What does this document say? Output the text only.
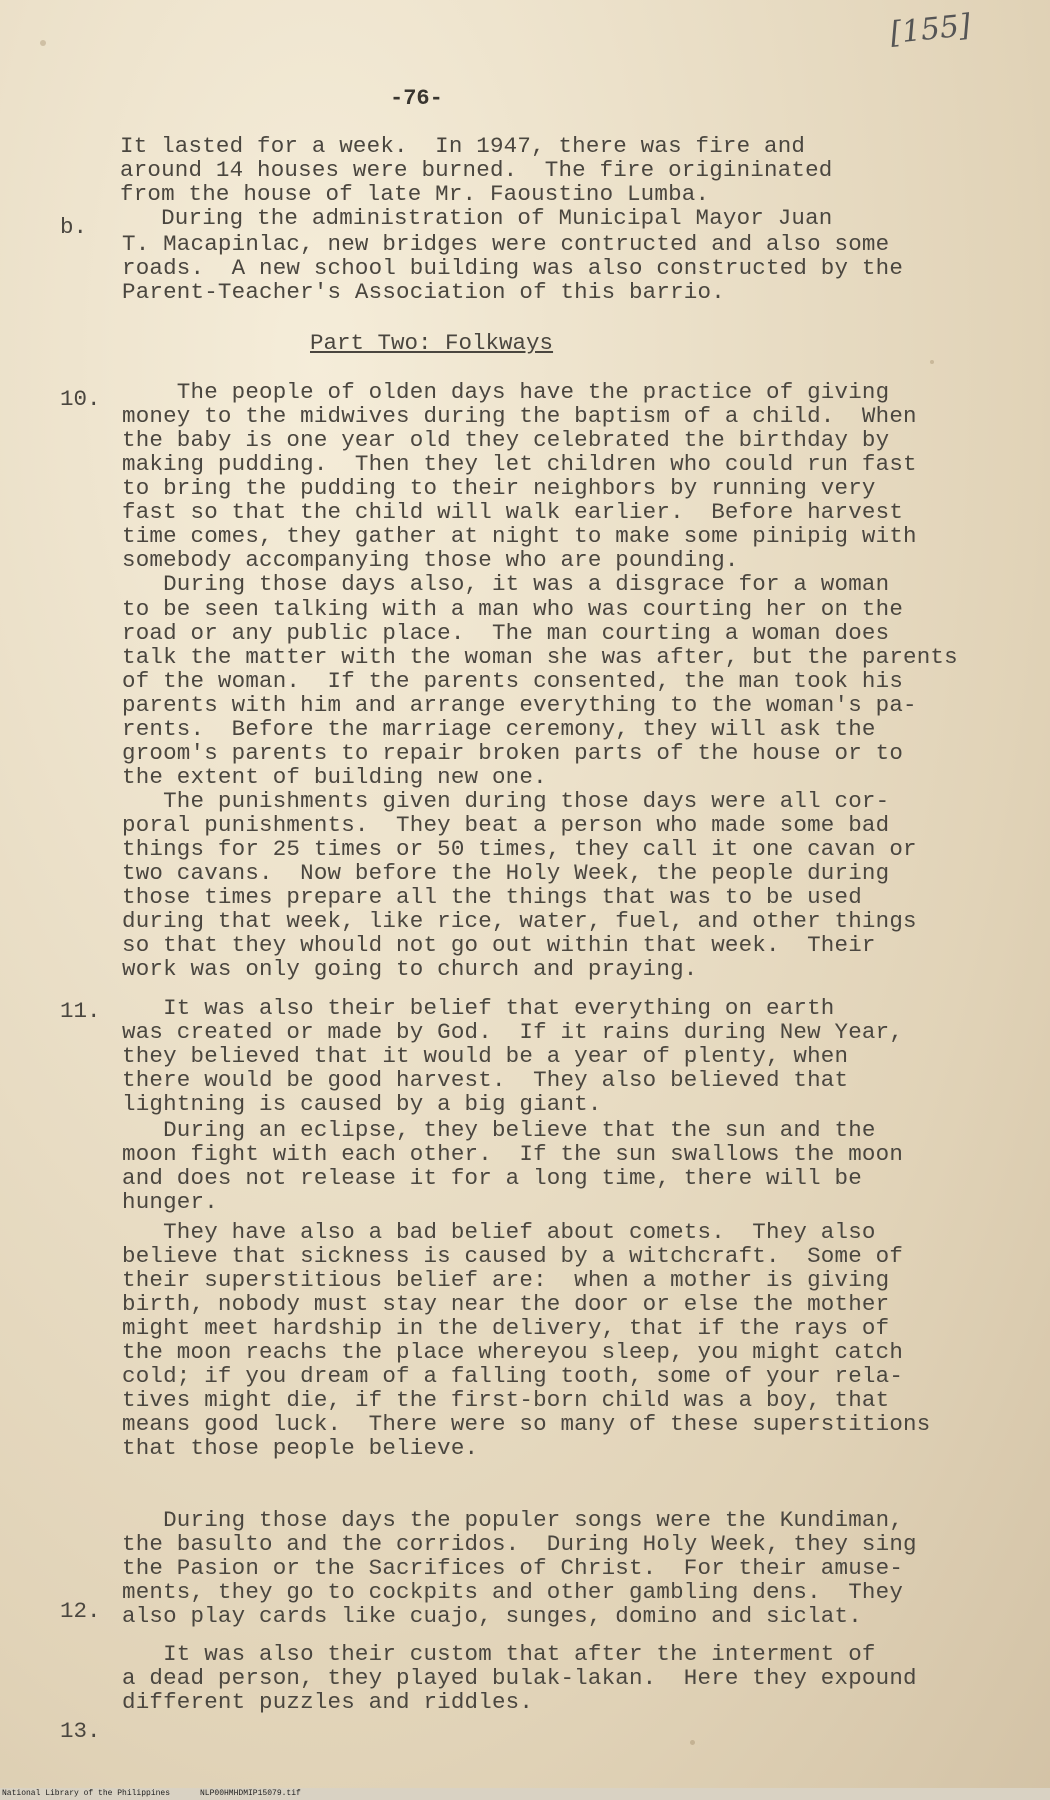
[155]
-76-
b.
Part Two: Folkways
10.
11.
12.
13.

It lasted for a week.  In 1947, there was fire and

around 14 houses were burned.  The fire origininated

from the house of late Mr. Faoustino Lumba.

During the administration of Municipal Mayor Juan

T. Macapinlac, new bridges were contructed and also some

roads.  A new school building was also constructed by the

Parent-Teacher's Association of this barrio.

The people of olden days have the practice of giving

money to the midwives during the baptism of a child.  When

the baby is one year old they celebrated the birthday by

making pudding.  Then they let children who could run fast

to bring the pudding to their neighbors by running very

fast so that the child will walk earlier.  Before harvest

time comes, they gather at night to make some pinipig with

somebody accompanying those who are pounding.

During those days also, it was a disgrace for a woman

to be seen talking with a man who was courting her on the

road or any public place.  The man courting a woman does

talk the matter with the woman she was after, but the parents

of the woman.  If the parents consented, the man took his

parents with him and arrange everything to the woman's pa-

rents.  Before the marriage ceremony, they will ask the

groom's parents to repair broken parts of the house or to

the extent of building new one.

The punishments given during those days were all cor-

poral punishments.  They beat a person who made some bad

things for 25 times or 50 times, they call it one cavan or

two cavans.  Now before the Holy Week, the people during

those times prepare all the things that was to be used

during that week, like rice, water, fuel, and other things

so that they whould not go out within that week.  Their

work was only going to church and praying.

It was also their belief that everything on earth

was created or made by God.  If it rains during New Year,

they believed that it would be a year of plenty, when

there would be good harvest.  They also believed that

lightning is caused by a big giant.

During an eclipse, they believe that the sun and the

moon fight with each other.  If the sun swallows the moon

and does not release it for a long time, there will be

hunger.

They have also a bad belief about comets.  They also

believe that sickness is caused by a witchcraft.  Some of

their superstitious belief are:  when a mother is giving

birth, nobody must stay near the door or else the mother

might meet hardship in the delivery, that if the rays of

the moon reachs the place whereyou sleep, you might catch

cold; if you dream of a falling tooth, some of your rela-

tives might die, if the first-born child was a boy, that

means good luck.  There were so many of these superstitions

that those people believe.

During those days the populer songs were the Kundiman,

the basulto and the corridos.  During Holy Week, they sing

the Pasion or the Sacrifices of Christ.  For their amuse-

ments, they go to cockpits and other gambling dens.  They

also play cards like cuajo, sunges, domino and siclat.

It was also their custom that after the interment of

a dead person, they played bulak-lakan.  Here they expound

different puzzles and riddles.

National Library of the Philippines	NLP00HMHDMIP15079.tif
